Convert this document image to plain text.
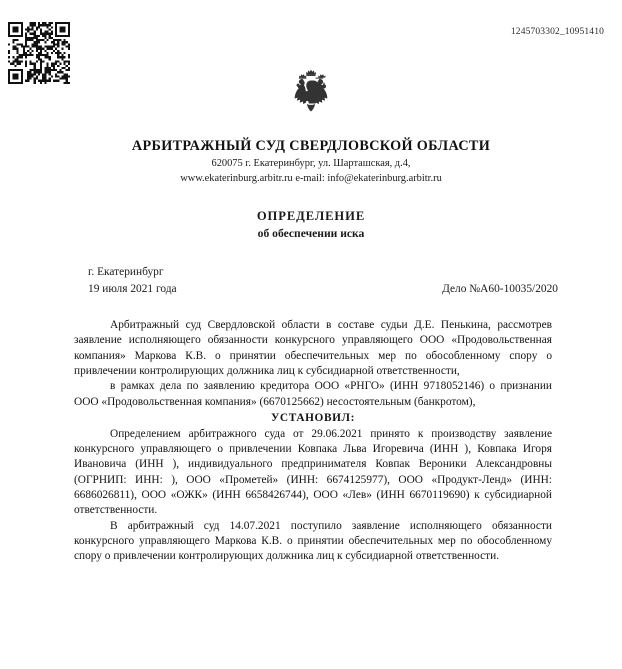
1245703302_10951410
АРБИТРАЖНЫЙ СУД СВЕРДЛОВСКОЙ ОБЛАСТИ
620075 г. Екатеринбург, ул. Шарташская, д.4,
www.ekaterinburg.arbitr.ru e-mail: info@ekaterinburg.arbitr.ru
ОПРЕДЕЛЕНИЕ
об обеспечении иска
г. Екатеринбург
19 июля 2021 года	Дело №А60-10035/2020

Арбитражный суд Свердловской области в составе судьи Д.Е. Пенькина, рассмотрев заявление исполняющего обязанности конкурсного управляющего ООО «Продовольственная компания» Маркова К.В. о принятии обеспечительных мер по обособленному спору о привлечении контролирующих должника лиц к субсидиарной ответственности,

в рамках дела по заявлению кредитора ООО «РНГО» (ИНН 9718052146) о признании ООО «Продовольственная компания» (6670125662) несостоятельным (банкротом),

УСТАНОВИЛ:

Определением арбитражного суда от 29.06.2021 принято к производству заявление конкурсного управляющего о привлечении Ковпака Льва Игоревича (ИНН ), Ковпака Игоря Ивановича (ИНН ), индивидуального предпринимателя Ковпак Вероники Александровны (ОГРНИП: ИНН: ), ООО «Прометей» (ИНН: 6674125977), ООО «Продукт-Ленд» (ИНН: 6686026811), ООО «ОЖК» (ИНН 6658426744), ООО «Лев» (ИНН 6670119690) к субсидиарной ответственности.

В арбитражный суд 14.07.2021 поступило заявление исполняющего обязанности конкурсного управляющего Маркова К.В. о принятии обеспечительных мер по обособленному спору о привлечении контролирующих должника лиц к субсидиарной ответственности.
